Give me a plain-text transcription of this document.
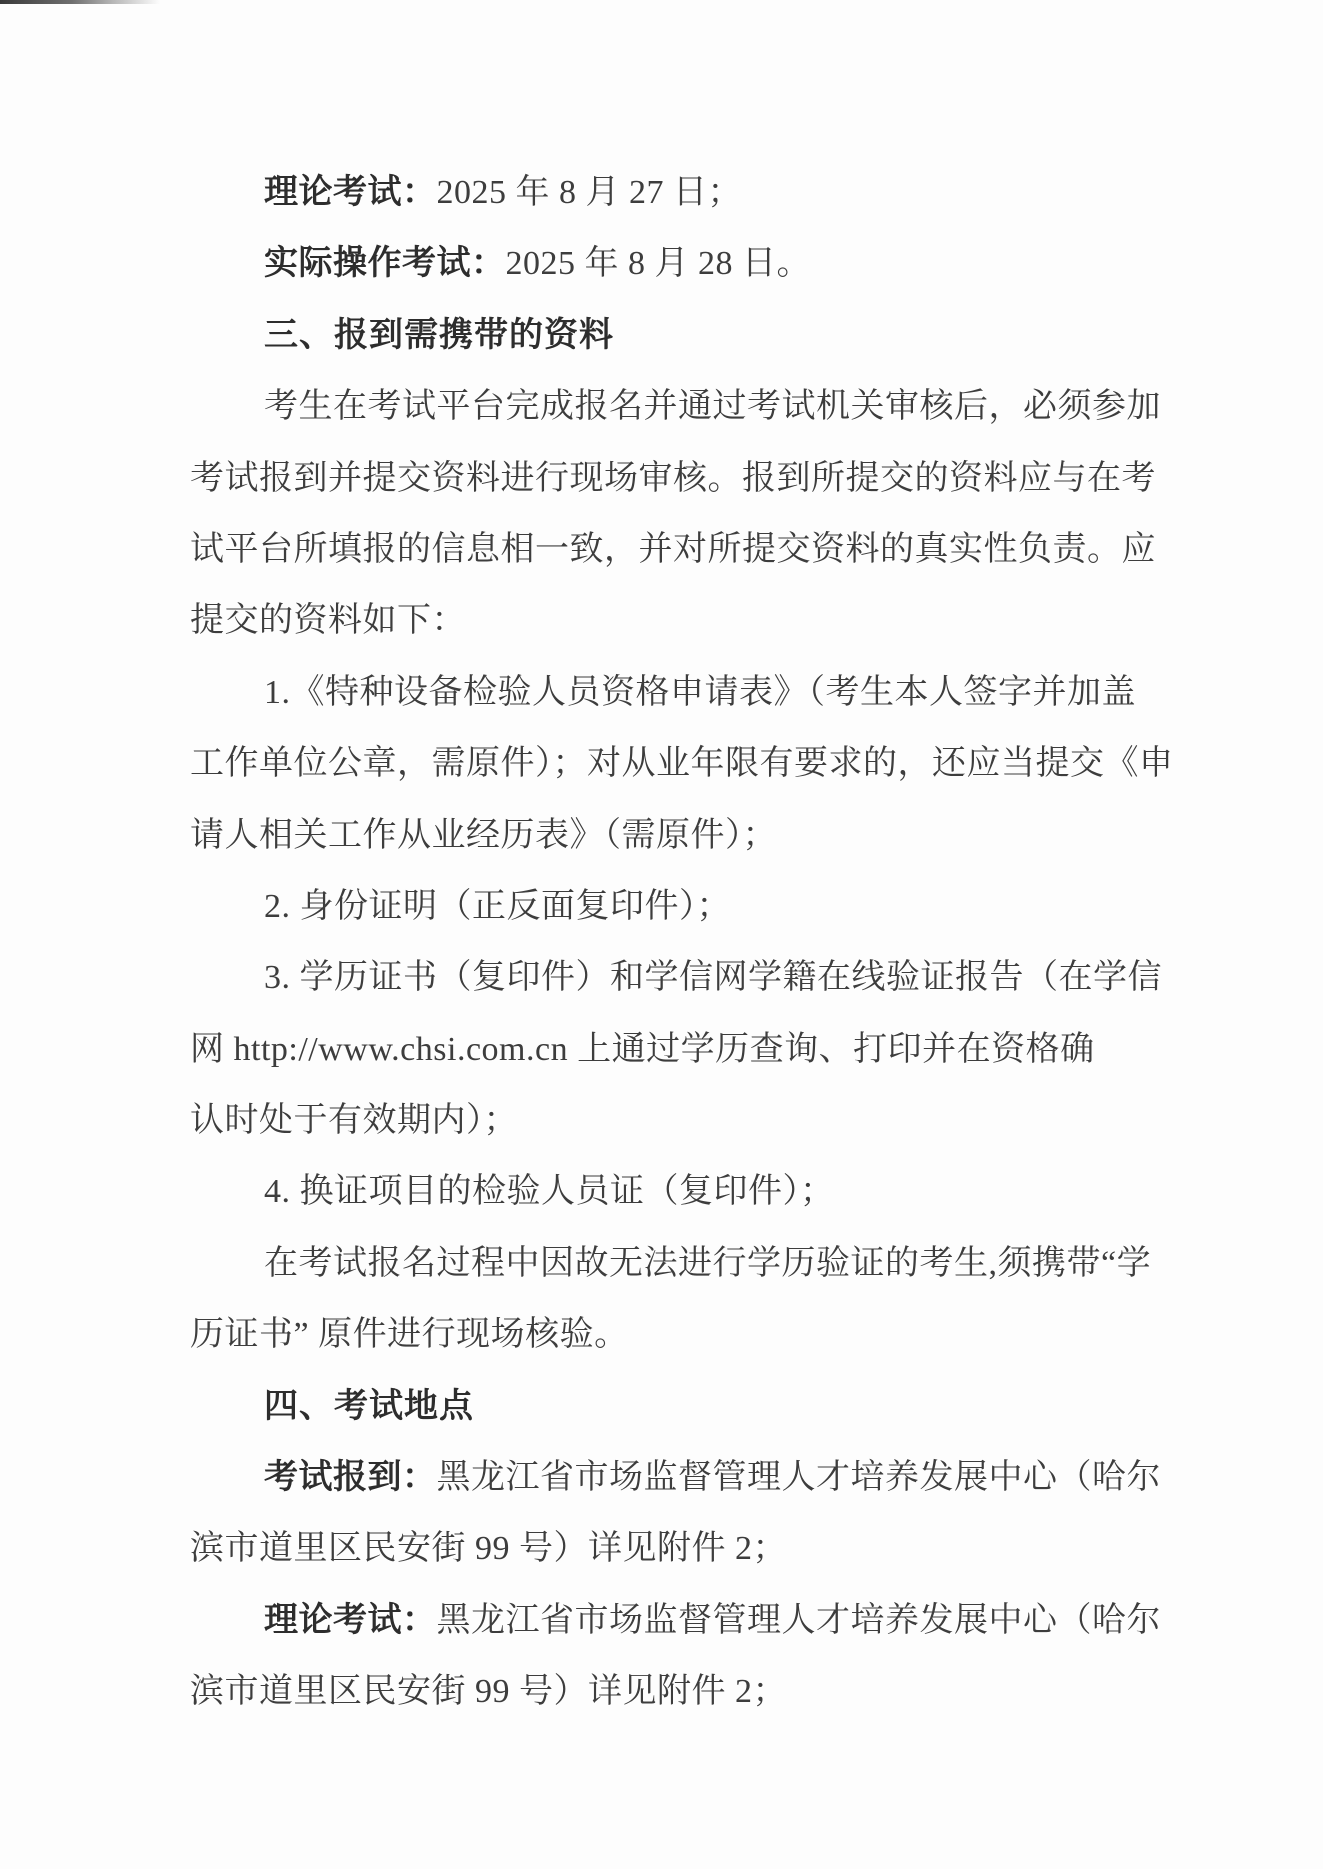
理论考试：2025 年 8 月 27 日；
实际操作考试：2025 年 8 月 28 日。
三、报到需携带的资料
考生在考试平台完成报名并通过考试机关审核后，必须参加
考试报到并提交资料进行现场审核。报到所提交的资料应与在考
试平台所填报的信息相一致，并对所提交资料的真实性负责。应
提交的资料如下：
1.《特种设备检验人员资格申请表》（考生本人签字并加盖
工作单位公章，需原件）；对从业年限有要求的，还应当提交《申
请人相关工作从业经历表》（需原件）；
2. 身份证明（正反面复印件）；
3. 学历证书（复印件）和学信网学籍在线验证报告（在学信
网 http://www.chsi.com.cn 上通过学历查询、打印并在资格确
认时处于有效期内）；
4. 换证项目的检验人员证（复印件）；
在考试报名过程中因故无法进行学历验证的考生,须携带“学
历证书” 原件进行现场核验。
四、考试地点
考试报到：黑龙江省市场监督管理人才培养发展中心（哈尔
滨市道里区民安街 99 号）详见附件 2；
理论考试：黑龙江省市场监督管理人才培养发展中心（哈尔
滨市道里区民安街 99 号）详见附件 2；
